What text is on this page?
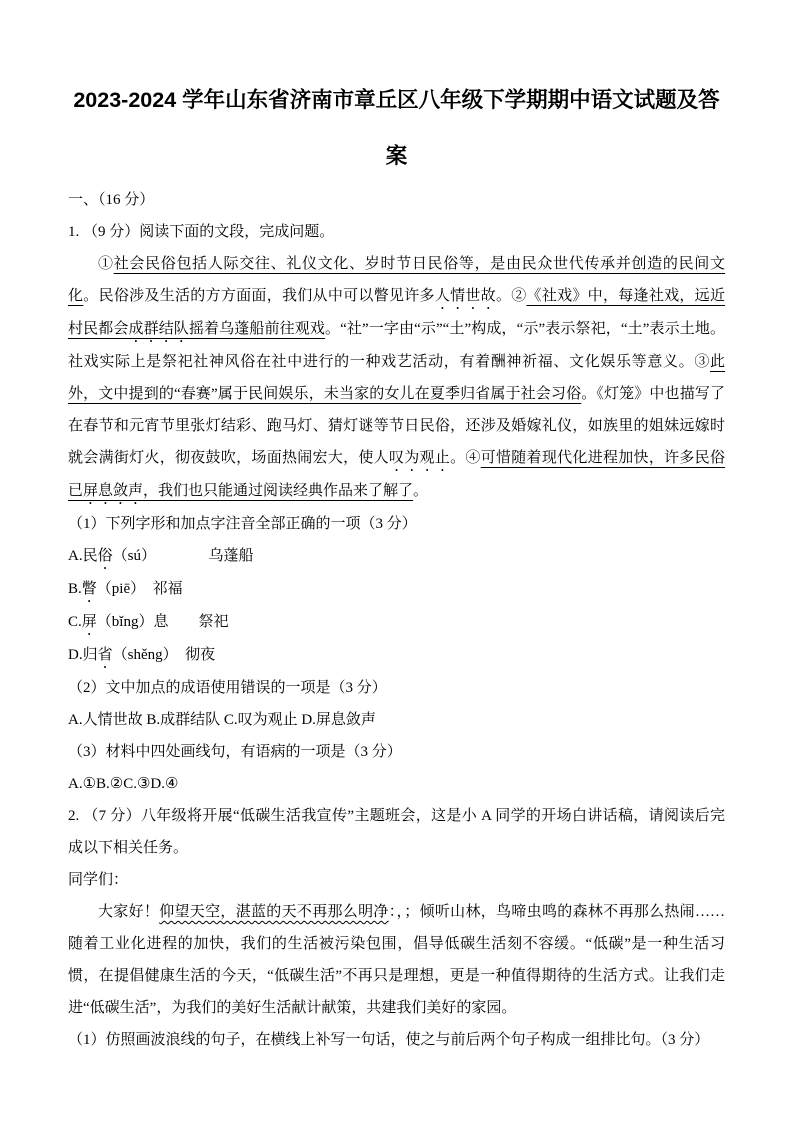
2023-2024 学年山东省济南市章丘区八年级下学期期中语文试题及答
案
一、（16 分）
1. （9 分）阅读下面的文段，完成问题。

①社会民俗包括人际交往、礼仪文化、岁时节日民俗等，是由民众世代传承并创造的民间文化。民俗涉及生活的方方面面，我们从中可以瞥见许多人情世故。②《社戏》中，每逢社戏，远近村民都会成群结队摇着乌蓬船前往观戏。“社”一字由“示”“土”构成，“示”表示祭祀，“土”表示土地。社戏实际上是祭祀社神风俗在社中进行的一种戏艺活动，有着酬神祈福、文化娱乐等意义。③此外，文中提到的“春赛”属于民间娱乐，未当家的女儿在夏季归省属于社会习俗。《灯笼》中也描写了在春节和元宵节里张灯结彩、跑马灯、猜灯谜等节日民俗，还涉及婚嫁礼仪，如族里的姐妹远嫁时就会满街灯火，彻夜鼓吹，场面热闹宏大，使人叹为观止。④可惜随着现代化进程加快，许多民俗已屏息敛声，我们也只能通过阅读经典作品来了解了。

（1）下列字形和加点字注音全部正确的一项（3 分）
A.民俗（sú）　　　　乌蓬船
B.瞥（piē）　祁福
C.屏（bǐng）息　　祭祀
D.归省（shěng）　彻夜
（2）文中加点的成语使用错误的一项是（3 分）
A.人情世故 B.成群结队 C.叹为观止 D.屏息敛声
（3）材料中四处画线句，有语病的一项是（3 分）
A.①B.②C.③D.④

2. （7 分）八年级将开展“低碳生活我宣传”主题班会，这是小 A 同学的开场白讲话稿，请阅读后完成以下相关任务。

同学们：

大家好！仰望天空，湛蓝的天不再那么明净：，；倾听山林，鸟啼虫鸣的森林不再那么热闹……随着工业化进程的加快，我们的生活被污染包围，倡导低碳生活刻不容缓。“低碳”是一种生活习惯，在提倡健康生活的今天，“低碳生活”不再只是理想，更是一种值得期待的生活方式。让我们走进“低碳生活”，为我们的美好生活献计献策，共建我们美好的家园。

（1）仿照画波浪线的句子，在横线上补写一句话，使之与前后两个句子构成一组排比句。（3 分）
